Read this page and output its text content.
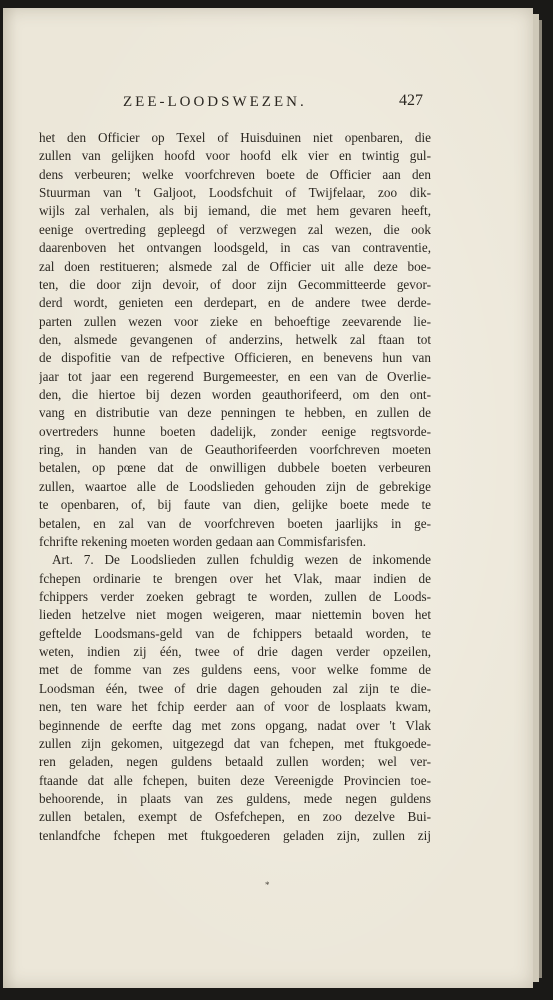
ZEE-LOODSWEZEN.	427
het den Officier op Texel of Huisduinen niet openbaren, die
zullen van gelijken hoofd voor hoofd elk vier en twintig gul-
dens verbeuren; welke voorfchreven boete de Officier aan den
Stuurman van 't Galjoot, Loodsfchuit of Twijfelaar, zoo dik-
wijls zal verhalen, als bij iemand, die met hem gevaren heeft,
eenige overtreding gepleegd of verzwegen zal wezen, die ook
daarenboven het ontvangen loodsgeld, in cas van contraventie,
zal doen restitueren; alsmede zal de Officier uit alle deze boe-
ten, die door zijn devoir, of door zijn Gecommitteerde gevor-
derd wordt, genieten een derdepart, en de andere twee derde-
parten zullen wezen voor zieke en behoeftige zeevarende lie-
den, alsmede gevangenen of anderzins, hetwelk zal ftaan tot
de dispofitie van de refpective Officieren, en benevens hun van
jaar tot jaar een regerend Burgemeester, en een van de Overlie-
den, die hiertoe bij dezen worden geauthorifeerd, om den ont-
vang en distributie van deze penningen te hebben, en zullen de
overtreders hunne boeten dadelijk, zonder eenige regtsvorde-
ring, in handen van de Geauthorifeerden voorfchreven moeten
betalen, op pœne dat de onwilligen dubbele boeten verbeuren
zullen, waartoe alle de Loodslieden gehouden zijn de gebrekige
te openbaren, of, bij faute van dien, gelijke boete mede te
betalen, en zal van de voorfchreven boeten jaarlijks in ge-
fchrifte rekening moeten worden gedaan aan Commisfarisfen.
Art. 7. De Loodslieden zullen fchuldig wezen de inkomende
fchepen ordinarie te brengen over het Vlak, maar indien de
fchippers verder zoeken gebragt te worden, zullen de Loods-
lieden hetzelve niet mogen weigeren, maar niettemin boven het
geftelde Loodsmans-geld van de fchippers betaald worden, te
weten, indien zij één, twee of drie dagen verder opzeilen,
met de fomme van zes guldens eens, voor welke fomme de
Loodsman één, twee of drie dagen gehouden zal zijn te die-
nen, ten ware het fchip eerder aan of voor de losplaats kwam,
beginnende de eerfte dag met zons opgang, nadat over 't Vlak
zullen zijn gekomen, uitgezegd dat van fchepen, met ftukgoede-
ren geladen, negen guldens betaald zullen worden; wel ver-
ftaande dat alle fchepen, buiten deze Vereenigde Provincien toe-
behoorende, in plaats van zes guldens, mede negen guldens
zullen betalen, exempt de Osfefchepen, en zoo dezelve Bui-
tenlandfche fchepen met ftukgoederen geladen zijn, zullen zij
*
